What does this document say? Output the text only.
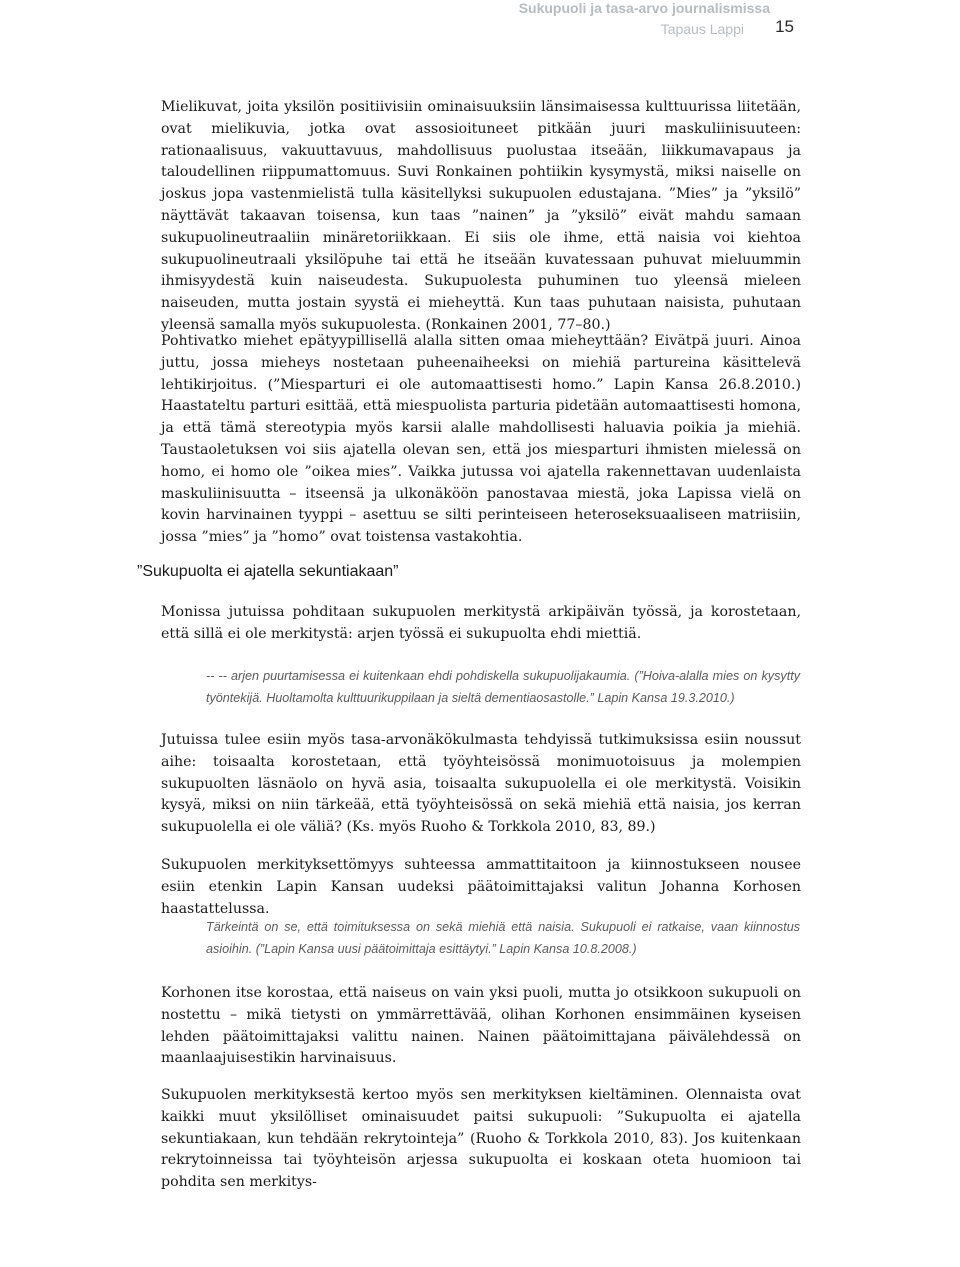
Sukupuoli ja tasa-arvo journalismissa
Tapaus Lappi 15

Mielikuvat, joita yksilön positiivisiin ominaisuuksiin länsimaisessa kulttuurissa liitetään, ovat mielikuvia, jotka ovat assosioituneet pitkään juuri maskuliinisuuteen: rationaalisuus, vakuuttavuus, mahdollisuus puolustaa itseään, liikkumavapaus ja taloudellinen riippumattomuus. Suvi Ronkainen pohtiikin kysymystä, miksi naiselle on joskus jopa vastenmielistä tulla käsitellyksi sukupuolen edustajana. ”Mies” ja ”yksilö” näyttävät takaavan toisensa, kun taas ”nainen” ja ”yksilö” eivät mahdu samaan sukupuolineutraaliin minäretoriikkaan. Ei siis ole ihme, että naisia voi kiehtoa sukupuolineutraali yksilöpuhe tai että he itseään kuvatessaan puhuvat mieluummin ihmisyydestä kuin naiseudesta. Sukupuolesta puhuminen tuo yleensä mieleen naiseuden, mutta jostain syystä ei mieheyttä. Kun taas puhutaan naisista, puhutaan yleensä samalla myös sukupuolesta. (Ronkainen 2001, 77–80.)

Pohtivatko miehet epätyypillisellä alalla sitten omaa mieheyttään? Eivätpä juuri. Ainoa juttu, jossa mieheys nostetaan puheenaiheeksi on miehiä partureina käsittelevä lehtikirjoitus. (”Miesparturi ei ole automaattisesti homo.” Lapin Kansa 26.8.2010.) Haastateltu parturi esittää, että miespuolista parturia pidetään automaattisesti homona, ja että tämä stereotypia myös karsii alalle mahdollisesti haluavia poikia ja miehiä. Taustaoletuksen voi siis ajatella olevan sen, että jos miesparturi ihmisten mielessä on homo, ei homo ole ”oikea mies”. Vaikka jutussa voi ajatella rakennettavan uudenlaista maskuliinisuutta – itseensä ja ulkonäköön panostavaa miestä, joka Lapissa vielä on kovin harvinainen tyyppi – asettuu se silti perinteiseen heteroseksuaaliseen matriisiin, jossa ”mies” ja ”homo” ovat toistensa vastakohtia.

”Sukupuolta ei ajatella sekuntiakaan”

Monissa jutuissa pohditaan sukupuolen merkitystä arkipäivän työssä, ja korostetaan, että sillä ei ole merkitystä: arjen työssä ei sukupuolta ehdi miettiä.

-- -- arjen puurtamisessa ei kuitenkaan ehdi pohdiskella sukupuolijakaumia. (”Hoiva-alalla mies on kysytty työntekijä. Huoltamolta kulttuurikuppilaan ja sieltä dementiaosastolle.” Lapin Kansa 19.3.2010.)

Jutuissa tulee esiin myös tasa-arvonäkökulmasta tehdyissä tutkimuksissa esiin noussut aihe: toisaalta korostetaan, että työyhteisössä monimuotoisuus ja molempien sukupuolten läsnäolo on hyvä asia, toisaalta sukupuolella ei ole merkitystä. Voisikin kysyä, miksi on niin tärkeää, että työyhteisössä on sekä miehiä että naisia, jos kerran sukupuolella ei ole väliä? (Ks. myös Ruoho & Torkkola 2010, 83, 89.)

Sukupuolen merkityksettömyys suhteessa ammattitaitoon ja kiinnostukseen nousee esiin etenkin Lapin Kansan uudeksi päätoimittajaksi valitun Johanna Korhosen haastattelussa.

Tärkeintä on se, että toimituksessa on sekä miehiä että naisia. Sukupuoli ei ratkaise, vaan kiinnostus asioihin. (”Lapin Kansa uusi päätoimittaja esittäytyi.” Lapin Kansa 10.8.2008.)

Korhonen itse korostaa, että naiseus on vain yksi puoli, mutta jo otsikkoon sukupuoli on nostettu – mikä tietysti on ymmärrettävää, olihan Korhonen ensimmäinen kyseisen lehden päätoimittajaksi valittu nainen. Nainen päätoimittajana päivälehdessä on maanlaajuisestikin harvinaisuus.

Sukupuolen merkityksestä kertoo myös sen merkityksen kieltäminen. Olennaista ovat kaikki muut yksilölliset ominaisuudet paitsi sukupuoli: ”Sukupuolta ei ajatella sekuntiakaan, kun tehdään rekrytointeja” (Ruoho & Torkkola 2010, 83). Jos kuitenkaan rekrytoinneissa tai työyhteisön arjessa sukupuolta ei koskaan oteta huomioon tai pohdita sen merkitys-
